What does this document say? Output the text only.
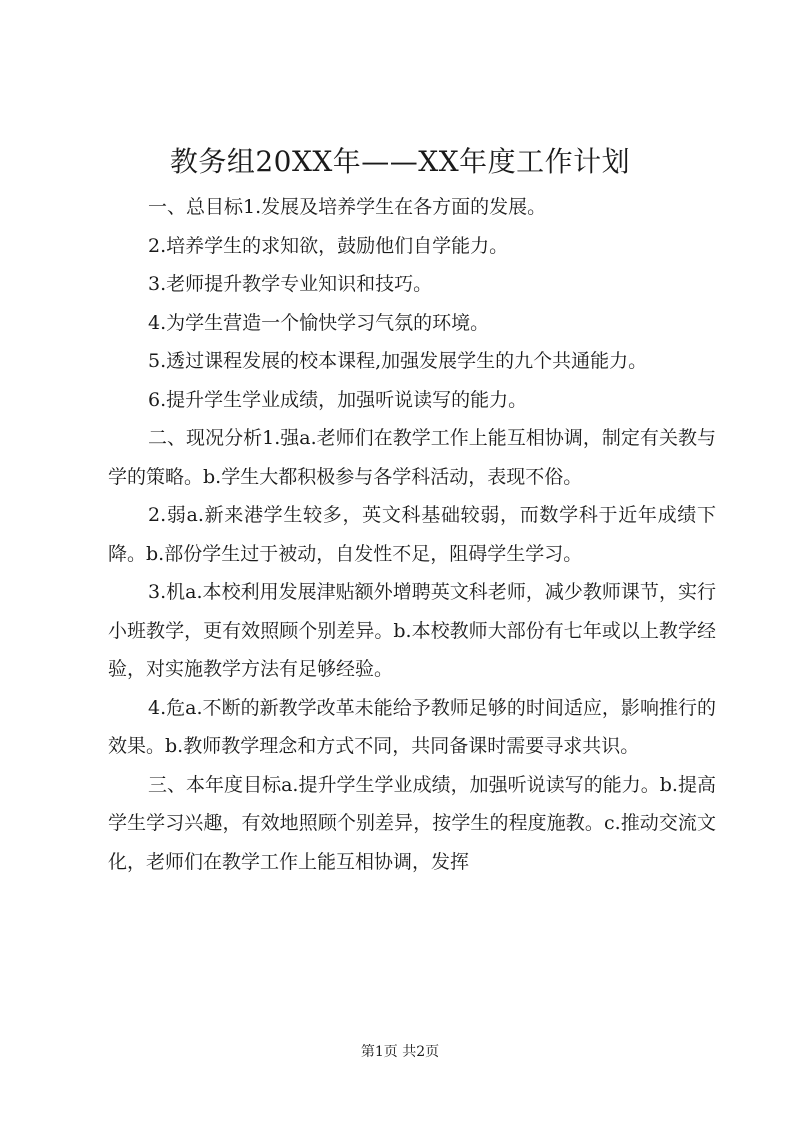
教务组20XX年——XX年度工作计划

一、总目标1.发展及培养学生在各方面的发展。

2.培养学生的求知欲，鼓励他们自学能力。

3.老师提升教学专业知识和技巧。

4.为学生营造一个愉快学习气氛的环境。

5.透过课程发展的校本课程,加强发展学生的九个共通能力。

6.提升学生学业成绩，加强听说读写的能力。

二、现况分析1.强a.老师们在教学工作上能互相协调，制定有关教与学的策略。b.学生大都积极参与各学科活动，表现不俗。

2.弱a.新来港学生较多，英文科基础较弱，而数学科于近年成绩下降。b.部份学生过于被动，自发性不足，阻碍学生学习。

3.机a.本校利用发展津贴额外增聘英文科老师，减少教师课节，实行小班教学，更有效照顾个别差异。b.本校教师大部份有七年或以上教学经验，对实施教学方法有足够经验。

4.危a.不断的新教学改革未能给予教师足够的时间适应，影响推行的效果。b.教师教学理念和方式不同，共同备课时需要寻求共识。

三、本年度目标a.提升学生学业成绩，加强听说读写的能力。b.提高学生学习兴趣，有效地照顾个别差异，按学生的程度施教。c.推动交流文化，老师们在教学工作上能互相协调，发挥

第1页 共2页
